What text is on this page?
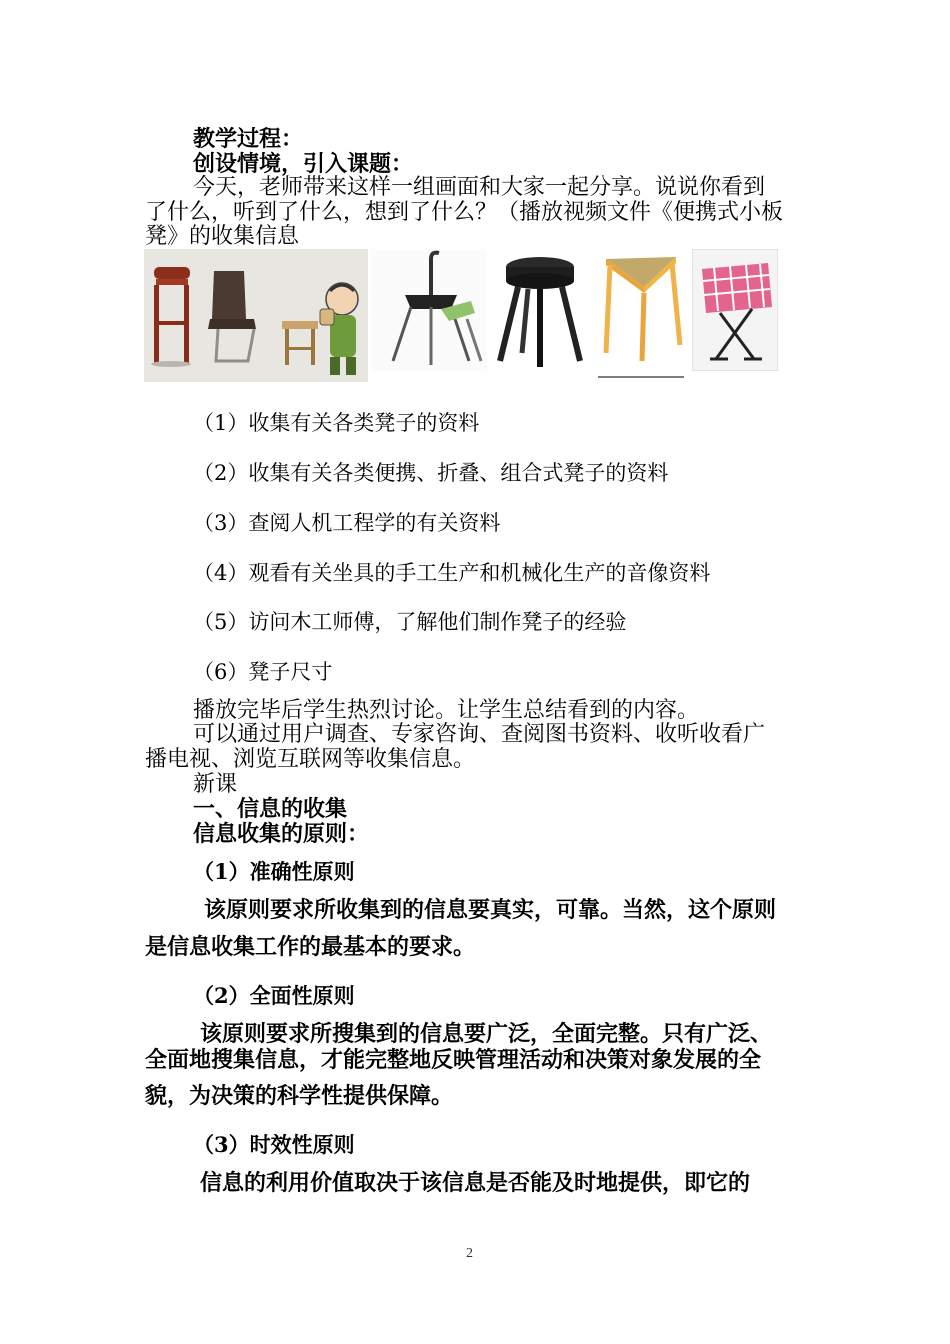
教学过程：
创设情境，引入课题：
今天，老师带来这样一组画面和大家一起分享。说说你看到
了什么，听到了什么，想到了什么？（播放视频文件《便携式小板
凳》的收集信息
（1）收集有关各类凳子的资料
（2）收集有关各类便携、折叠、组合式凳子的资料
（3）查阅人机工程学的有关资料
（4）观看有关坐具的手工生产和机械化生产的音像资料
（5）访问木工师傅，了解他们制作凳子的经验
（6）凳子尺寸
播放完毕后学生热烈讨论。让学生总结看到的内容。
可以通过用户调查、专家咨询、查阅图书资料、收听收看广
播电视、浏览互联网等收集信息。
新课
一、信息的收集
信息收集的原则：
（1）准确性原则
该原则要求所收集到的信息要真实，可靠。当然，这个原则
是信息收集工作的最基本的要求。
（2）全面性原则
该原则要求所搜集到的信息要广泛，全面完整。只有广泛、
全面地搜集信息，才能完整地反映管理活动和决策对象发展的全
貌，为决策的科学性提供保障。
（3）时效性原则
信息的利用价值取决于该信息是否能及时地提供，即它的
2
